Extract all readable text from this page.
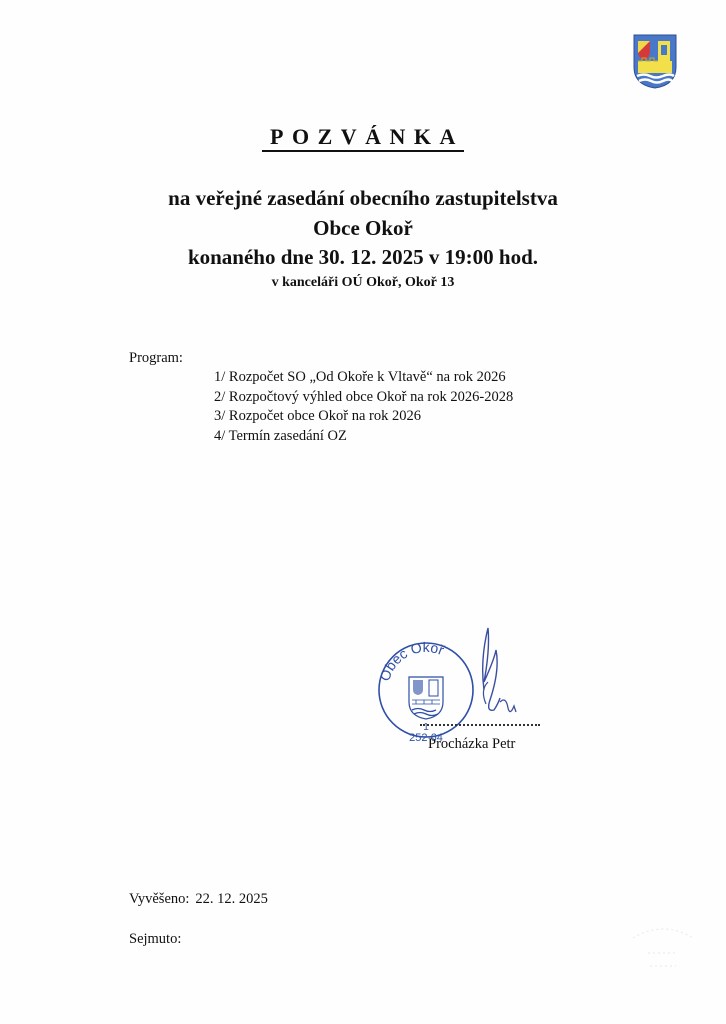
POZVÁNKA
na veřejné zasedání obecního zastupitelstva
Obce Okoř
konaného dne 30. 12. 2025 v 19:00 hod.
v kanceláři OÚ Okoř, Okoř 13
Program:
1/ Rozpočet SO „Od Okoře k Vltavě“ na rok 2026
2/ Rozpočtový výhled obce Okoř na rok 2026-2028
3/ Rozpočet obce Okoř na rok 2026
4/ Termín zasedání OZ
Obec Okoř
1
252 64
Procházka Petr
Vyvěšeno: 22. 12. 2025
Sejmuto:
